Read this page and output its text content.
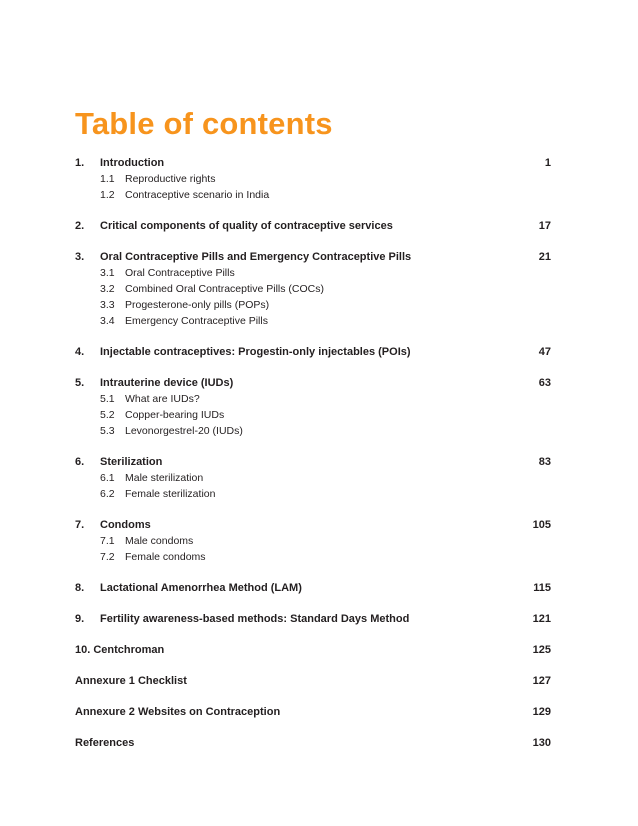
Table of contents
1. Introduction	1
1.1 Reproductive rights
1.2 Contraceptive scenario in India
2. Critical components of quality of contraceptive services	17
3. Oral Contraceptive Pills and Emergency Contraceptive Pills	21
3.1 Oral Contraceptive Pills
3.2 Combined Oral Contraceptive Pills (COCs)
3.3 Progesterone-only pills (POPs)
3.4 Emergency Contraceptive Pills
4. Injectable contraceptives: Progestin-only injectables (POIs)	47
5. Intrauterine device (IUDs)	63
5.1 What are IUDs?
5.2 Copper-bearing IUDs
5.3 Levonorgestrel-20 (IUDs)
6. Sterilization	83
6.1 Male sterilization
6.2 Female sterilization
7. Condoms	105
7.1 Male condoms
7.2 Female condoms
8. Lactational Amenorrhea Method (LAM)	115
9. Fertility awareness-based methods: Standard Days Method	121
10. Centchroman	125
Annexure 1 Checklist	127
Annexure 2 Websites on Contraception	129
References	130
